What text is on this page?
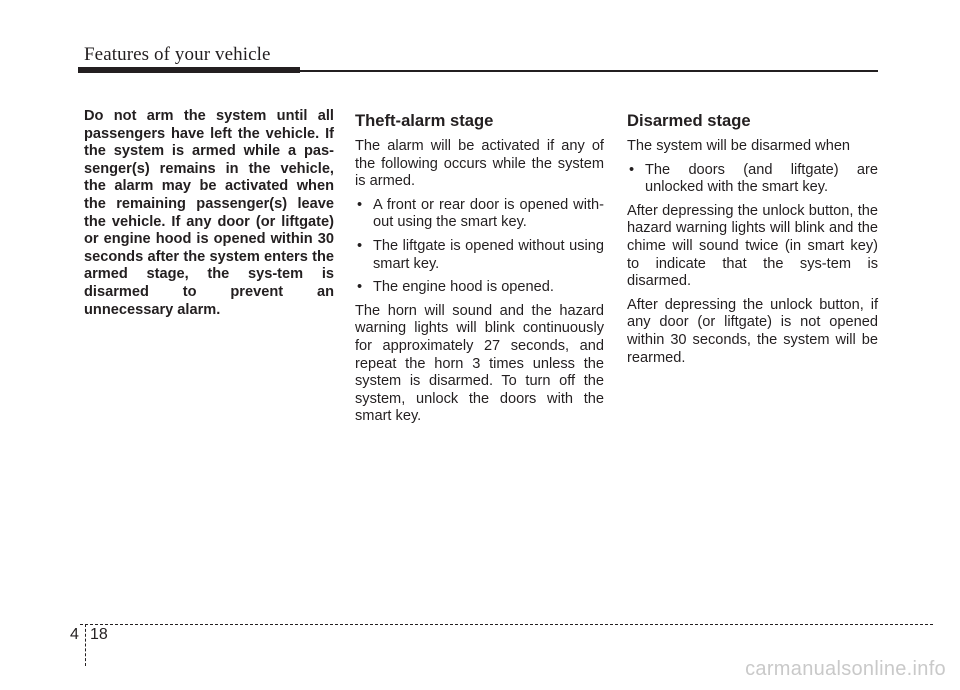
Features of your vehicle

Do not arm the system until all passengers have left the vehicle. If the system is armed while a pas-senger(s) remains in the vehicle, the alarm may be activated when the remaining passenger(s) leave the vehicle. If any door (or liftgate) or engine hood is opened within 30 seconds after the system enters the armed stage, the sys-tem is disarmed to prevent an unnecessary alarm.

Theft-alarm stage

The alarm will be activated if any of the following occurs while the system is armed.

• A front or rear door is opened with-out using the smart key.
• The liftgate is opened without using smart key.
• The engine hood is opened.

The horn will sound and the hazard warning lights will blink continuously for approximately 27 seconds, and repeat the horn 3 times unless the system is disarmed. To turn off the system, unlock the doors with the smart key.

Disarmed stage

The system will be disarmed when

• The doors (and liftgate) are unlocked with the smart key.

After depressing the unlock button, the hazard warning lights will blink and the chime will sound twice (in smart key) to indicate that the sys-tem is disarmed.

After depressing the unlock button, if any door (or liftgate) is not opened within 30 seconds, the system will be rearmed.

4 18
carmanualsonline.info
